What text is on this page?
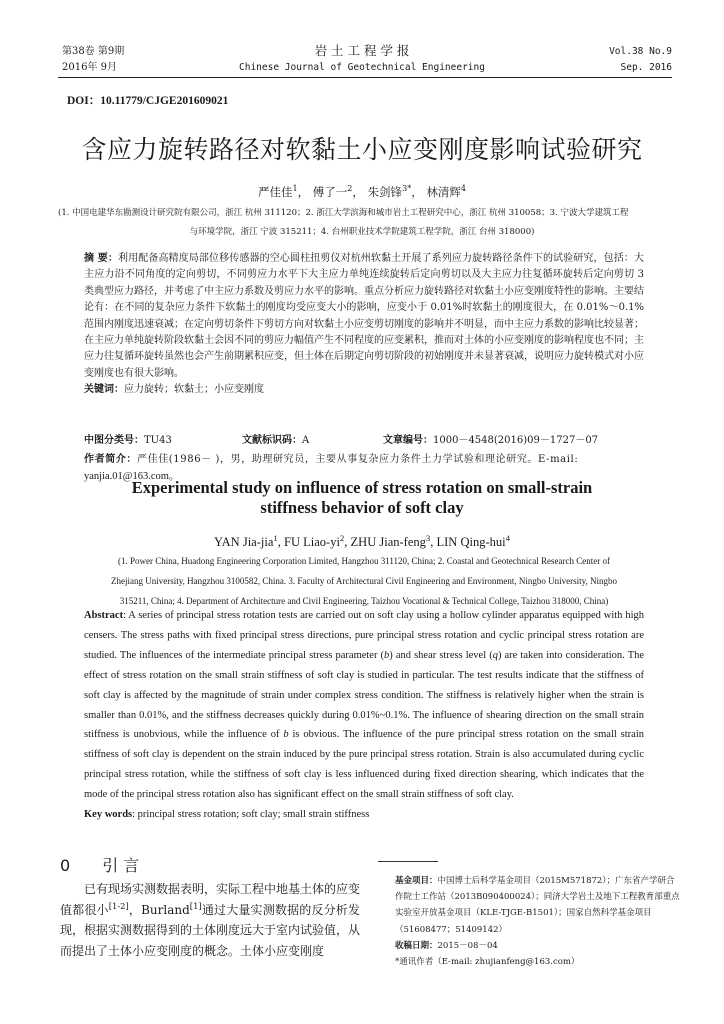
第38卷 第9期
2016年 9月
岩 土 工 程 学 报
Chinese Journal of Geotechnical Engineering
Vol.38 No.9
Sep. 2016
DOI：10.11779/CJGE201609021
含应力旋转路径对软黏土小应变刚度影响试验研究
严佳佳$^1$， 傅了一$^2$， 朱剑锋$^{3*}$， 林清辉$^4$
(1. 中国电建华东勘测设计研究院有限公司，浙江 杭州 311120；2. 浙江大学滨海和城市岩土工程研究中心，浙江 杭州 310058；3. 宁波大学建筑工程
与环境学院，浙江 宁波 315211；4. 台州职业技术学院建筑工程学院，浙江 台州 318000)
摘 要：利用配备高精度局部位移传感器的空心圆柱扭剪仪对杭州软黏土开展了系列应力旋转路径条件下的试验研究，包括：大主应力沿不同角度的定向剪切，不同剪应力水平下大主应力单纯连续旋转后定向剪切以及大主应力往复循环旋转后定向剪切 3 类典型应力路径，并考虑了中主应力系数及剪应力水平的影响。重点分析应力旋转路径对软黏土小应变刚度特性的影响。主要结论有：在不同的复杂应力条件下软黏土的刚度均受应变大小的影响，应变小于 0.01%时软黏土的刚度很大，在 0.01%～0.1%范围内刚度迅速衰减；在定向剪切条件下剪切方向对软黏土小应变剪切刚度的影响并不明显，而中主应力系数的影响比较显著；在主应力单纯旋转阶段软黏土会因不同的剪应力幅值产生不同程度的应变累积，推而对土体的小应变刚度的影响程度也不同；主应力往复循环旋转虽然也会产生前期累积应变，但土体在后期定向剪切阶段的初始刚度并未显著衰减，说明应力旋转模式对小应变刚度也有很大影响。
关键词：应力旋转；软黏土；小应变刚度
中图分类号：TU43	文献标识码：A	文章编号：1000－4548(2016)09－1727－07
作者简介：严佳佳(1986－ )，男，助理研究员，主要从事复杂应力条件土力学试验和理论研究。E-mail:
yanjia.01@163.com。
Experimental study on influence of stress rotation on small-strain
stiffness behavior of soft clay
YAN Jia-jia$^1$, FU Liao-$yi^2$, ZHU Jian-feng$^3$, LIN Qing-hui$^4$
(1. Power China, Huadong Engineering Corporation Limited, Hangzhou 311120, China; 2. Coastal and Geotechnical Research Center of
Zhejiang University, Hangzhou 3100582, China. 3. Faculty of Architectural Civil Engineering and Environment, Ningbo University, Ningbo
315211, China; 4. Department of Architecture and Civil Engineering, Taizhou Vocational & Technical College, Taizhou 318000, China)
Abstract: A series of principal stress rotation tests are carried out on soft clay using a hollow cylinder apparatus equipped with high censers. The stress paths with fixed principal stress directions, pure principal stress rotation and cyclic principal stress rotation are studied. The influences of the intermediate principal stress parameter (b) and shear stress level (q) are taken into consideration. The effect of stress rotation on the small strain stiffness of soft clay is studied in particular. The test results indicate that the stiffness of soft clay is affected by the magnitude of strain under complex stress condition. The stiffness is relatively higher when the strain is smaller than 0.01%, and the stiffness decreases quickly during 0.01%~0.1%. The influence of shearing direction on the small strain stiffness is unobvious, while the influence of b is obvious. The influence of the pure principal stress rotation on the small strain stiffness of soft clay is dependent on the strain induced by the pure principal stress rotation. Strain is also accumulated during cyclic principal stress rotation, while the stiffness of soft clay is less influenced during fixed direction shearing, which indicates that the mode of the principal stress rotation also has significant effect on the small strain stiffness of soft clay.
Key words: principal stress rotation; soft clay; small strain stiffness
0 引 言

已有现场实测数据表明，实际工程中地基土体的应变值都很小[1-2]，Burland[1]通过大量实测数据的反分析发现，根据实测数据得到的土体刚度远大于室内试验值，从而提出了土体小应变刚度的概念。土体小应变刚度

基金项目：中国博士后科学基金项目（2015M571872）；广东省产学研合作院士工作站（2013B090400024）；同济大学岩土及地下工程教育部重点实验室开放基金项目（KLE-TJGE-B1501）；国家自然科学基金项目（51608477；51409142）

收稿日期：2015－08－04

*通讯作者（E-mail: zhujianfeng@163.com）
